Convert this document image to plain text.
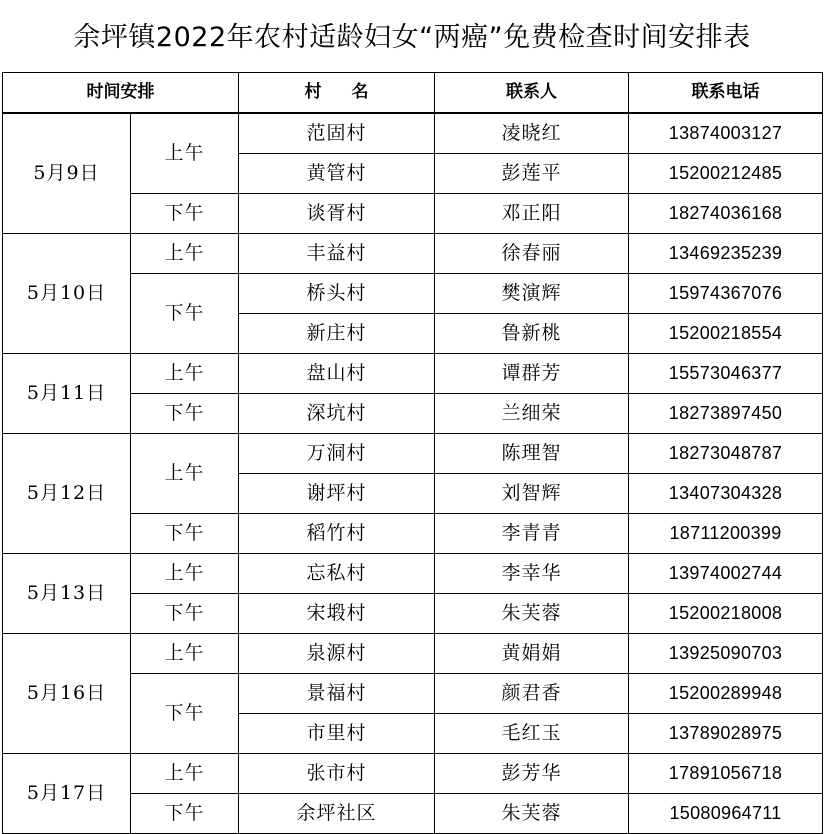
余坪镇2022年农村适龄妇女“两癌”免费检查时间安排表
时间安排		村名	联系人	联系电话
5月9日	上午	范固村	凌晓红	13874003127
		黄管村	彭莲平	15200212485
	下午	谈胥村	邓正阳	18274036168
5月10日	上午	丰益村	徐春丽	13469235239
	下午	桥头村	樊演辉	15974367076
		新庄村	鲁新桃	15200218554
5月11日	上午	盘山村	谭群芳	15573046377
	下午	深坑村	兰细荣	18273897450
5月12日	上午	万洞村	陈理智	18273048787
		谢坪村	刘智辉	13407304328
	下午	稻竹村	李青青	18711200399
5月13日	上午	忘私村	李幸华	13974002744
	下午	宋塅村	朱芙蓉	15200218008
5月16日	上午	泉源村	黄娟娟	13925090703
	下午	景福村	颜君香	15200289948
		市里村	毛红玉	13789028975
5月17日	上午	张市村	彭芳华	17891056718
	下午	余坪社区	朱芙蓉	15080964711
